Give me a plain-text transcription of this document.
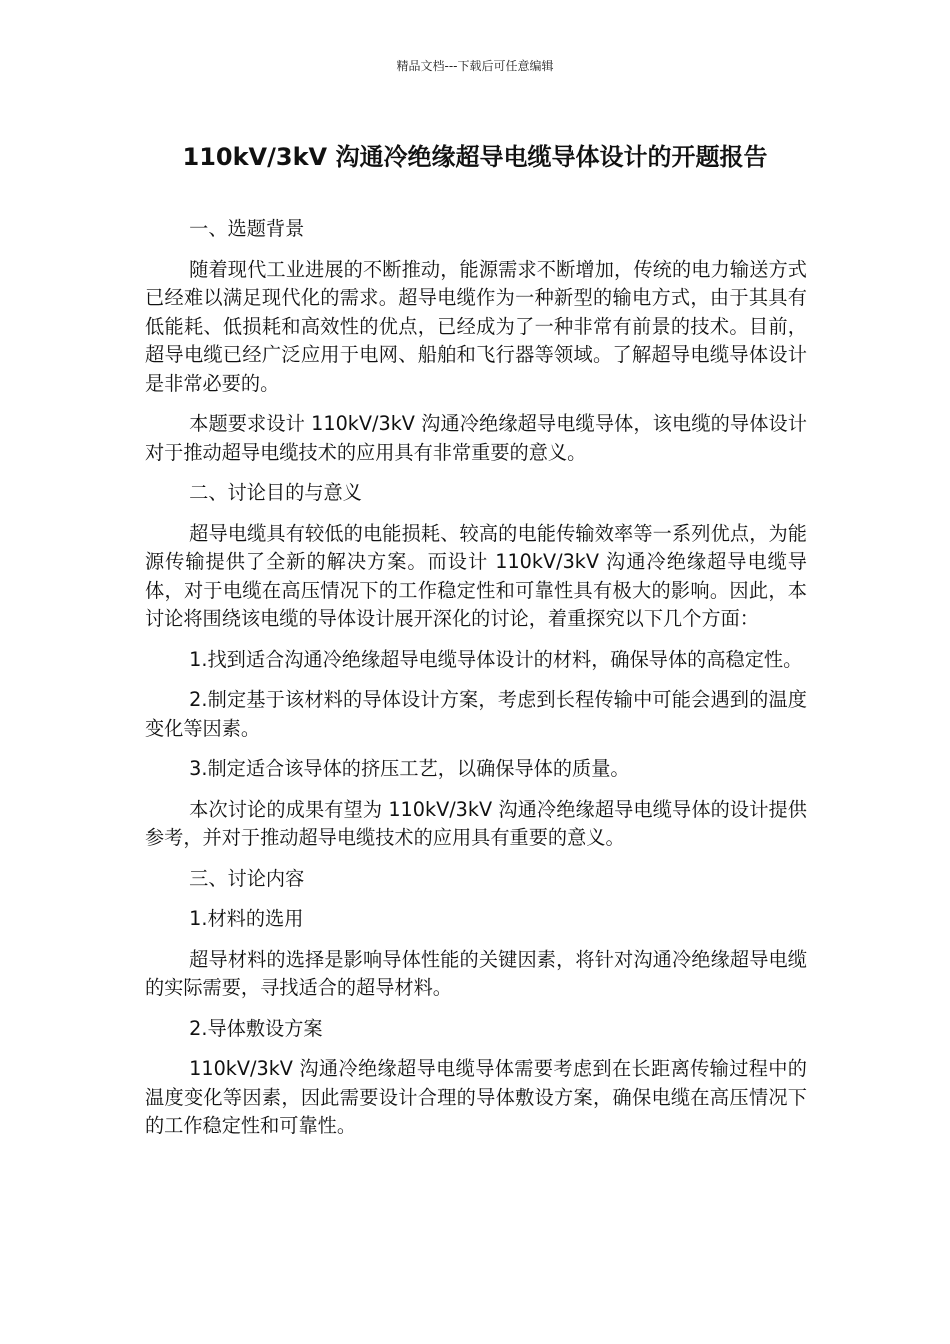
精品文档---下载后可任意编辑
110kV/3kV 沟通冷绝缘超导电缆导体设计的开题报告

一、选题背景

随着现代工业进展的不断推动，能源需求不断增加，传统的电力输送方式已经难以满足现代化的需求。超导电缆作为一种新型的输电方式，由于其具有低能耗、低损耗和高效性的优点，已经成为了一种非常有前景的技术。目前，超导电缆已经广泛应用于电网、船舶和飞行器等领域。了解超导电缆导体设计是非常必要的。

本题要求设计 110kV/3kV 沟通冷绝缘超导电缆导体，该电缆的导体设计对于推动超导电缆技术的应用具有非常重要的意义。

二、讨论目的与意义

超导电缆具有较低的电能损耗、较高的电能传输效率等一系列优点，为能源传输提供了全新的解决方案。而设计 110kV/3kV 沟通冷绝缘超导电缆导体，对于电缆在高压情况下的工作稳定性和可靠性具有极大的影响。因此，本讨论将围绕该电缆的导体设计展开深化的讨论，着重探究以下几个方面：

1.找到适合沟通冷绝缘超导电缆导体设计的材料，确保导体的高稳定性。

2.制定基于该材料的导体设计方案，考虑到长程传输中可能会遇到的温度变化等因素。

3.制定适合该导体的挤压工艺，以确保导体的质量。

本次讨论的成果有望为 110kV/3kV 沟通冷绝缘超导电缆导体的设计提供参考，并对于推动超导电缆技术的应用具有重要的意义。

三、讨论内容

1.材料的选用

超导材料的选择是影响导体性能的关键因素，将针对沟通冷绝缘超导电缆的实际需要，寻找适合的超导材料。

2.导体敷设方案

110kV/3kV 沟通冷绝缘超导电缆导体需要考虑到在长距离传输过程中的温度变化等因素，因此需要设计合理的导体敷设方案，确保电缆在高压情况下的工作稳定性和可靠性。
